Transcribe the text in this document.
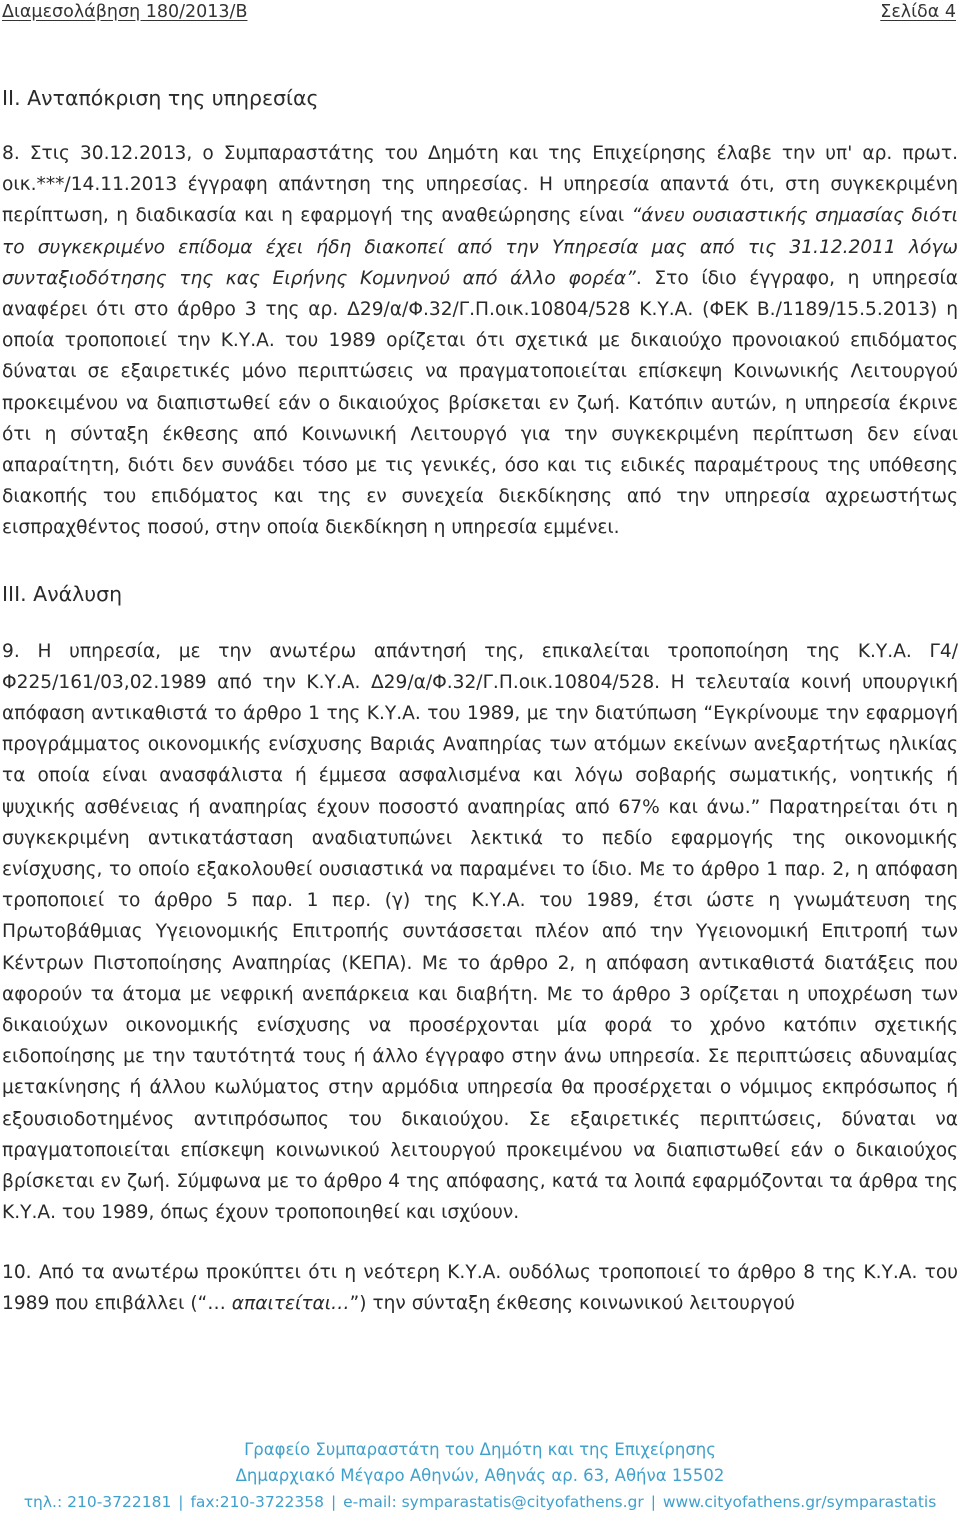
Διαμεσολάβηση 180/2013/Β	Σελίδα 4

ΙΙ. Ανταπόκριση της υπηρεσίας

8. Στις 30.12.2013, ο Συμπαραστάτης του Δημότη και της Επιχείρησης έλαβε την υπ' αρ. πρωτ. οικ.***/14.11.2013 έγγραφη απάντηση της υπηρεσίας. Η υπηρεσία απαντά ότι, στη συγκεκριμένη περίπτωση, η διαδικασία και η εφαρμογή της αναθεώρησης είναι “άνευ ουσιαστικής σημασίας διότι το συγκεκριμένο επίδομα έχει ήδη διακοπεί από την Υπηρεσία μας από τις 31.12.2011 λόγω συνταξιοδότησης της κας Ειρήνης Κομνηνού από άλλο φορέα”. Στο ίδιο έγγραφο, η υπηρεσία αναφέρει ότι στο άρθρο 3 της αρ. Δ29/α/Φ.32/Γ.Π.οικ.10804/528 Κ.Υ.Α. (ΦΕΚ Β./1189/15.5.2013) η οποία τροποποιεί την Κ.Υ.Α. του 1989 ορίζεται ότι σχετικά με δικαιούχο προνοιακού επιδόματος δύναται σε εξαιρετικές μόνο περιπτώσεις να πραγματοποιείται επίσκεψη Κοινωνικής Λειτουργού προκειμένου να διαπιστωθεί εάν ο δικαιούχος βρίσκεται εν ζωή. Κατόπιν αυτών, η υπηρεσία έκρινε ότι η σύνταξη έκθεσης από Κοινωνική Λειτουργό για την συγκεκριμένη περίπτωση δεν είναι απαραίτητη, διότι δεν συνάδει τόσο με τις γενικές, όσο και τις ειδικές παραμέτρους της υπόθεσης διακοπής του επιδόματος και της εν συνεχεία διεκδίκησης από την υπηρεσία αχρεωστήτως εισπραχθέντος ποσού, στην οποία διεκδίκηση η υπηρεσία εμμένει.

ΙΙΙ. Ανάλυση

9. Η υπηρεσία, με την ανωτέρω απάντησή της, επικαλείται τροποποίηση της Κ.Υ.Α. Γ4/Φ225/161/03,02.1989 από την Κ.Υ.Α. Δ29/α/Φ.32/Γ.Π.οικ.10804/528. Η τελευταία κοινή υπουργική απόφαση αντικαθιστά το άρθρο 1 της Κ.Υ.Α. του 1989, με την διατύπωση “Εγκρίνουμε την εφαρμογή προγράμματος οικονομικής ενίσχυσης Βαριάς Αναπηρίας των ατόμων εκείνων ανεξαρτήτως ηλικίας τα οποία είναι ανασφάλιστα ή έμμεσα ασφαλισμένα και λόγω σοβαρής σωματικής, νοητικής ή ψυχικής ασθένειας ή αναπηρίας έχουν ποσοστό αναπηρίας από 67% και άνω.” Παρατηρείται ότι η συγκεκριμένη αντικατάσταση αναδιατυπώνει λεκτικά το πεδίο εφαρμογής της οικονομικής ενίσχυσης, το οποίο εξακολουθεί ουσιαστικά να παραμένει το ίδιο. Με το άρθρο 1 παρ. 2, η απόφαση τροποποιεί το άρθρο 5 παρ. 1 περ. (γ) της Κ.Υ.Α. του 1989, έτσι ώστε η γνωμάτευση της Πρωτοβάθμιας Υγειονομικής Επιτροπής συντάσσεται πλέον από την Υγειονομική Επιτροπή των Κέντρων Πιστοποίησης Αναπηρίας (ΚΕΠΑ). Με το άρθρο 2, η απόφαση αντικαθιστά διατάξεις που αφορούν τα άτομα με νεφρική ανεπάρκεια και διαβήτη. Με το άρθρο 3 ορίζεται η υποχρέωση των δικαιούχων οικονομικής ενίσχυσης να προσέρχονται μία φορά το χρόνο κατόπιν σχετικής ειδοποίησης με την ταυτότητά τους ή άλλο έγγραφο στην άνω υπηρεσία. Σε περιπτώσεις αδυναμίας μετακίνησης ή άλλου κωλύματος στην αρμόδια υπηρεσία θα προσέρχεται ο νόμιμος εκπρόσωπος ή εξουσιοδοτημένος αντιπρόσωπος του δικαιούχου. Σε εξαιρετικές περιπτώσεις, δύναται να πραγματοποιείται επίσκεψη κοινωνικού λειτουργού προκειμένου να διαπιστωθεί εάν ο δικαιούχος βρίσκεται εν ζωή. Σύμφωνα με το άρθρο 4 της απόφασης, κατά τα λοιπά εφαρμόζονται τα άρθρα της Κ.Υ.Α. του 1989, όπως έχουν τροποποιηθεί και ισχύουν.

10. Από τα ανωτέρω προκύπτει ότι η νεότερη Κ.Υ.Α. ουδόλως τροποποιεί το άρθρο 8 της Κ.Υ.Α. του 1989 που επιβάλλει (“… απαιτείται…”) την σύνταξη έκθεσης κοινωνικού λειτουργού

Γραφείο Συμπαραστάτη του Δημότη και της Επιχείρησης
Δημαρχιακό Μέγαρο Αθηνών, Αθηνάς αρ. 63, Αθήνα 15502
τηλ.: 210-3722181 | fax:210-3722358 | e-mail: symparastatis@cityofathens.gr | www.cityofathens.gr/symparastatis
